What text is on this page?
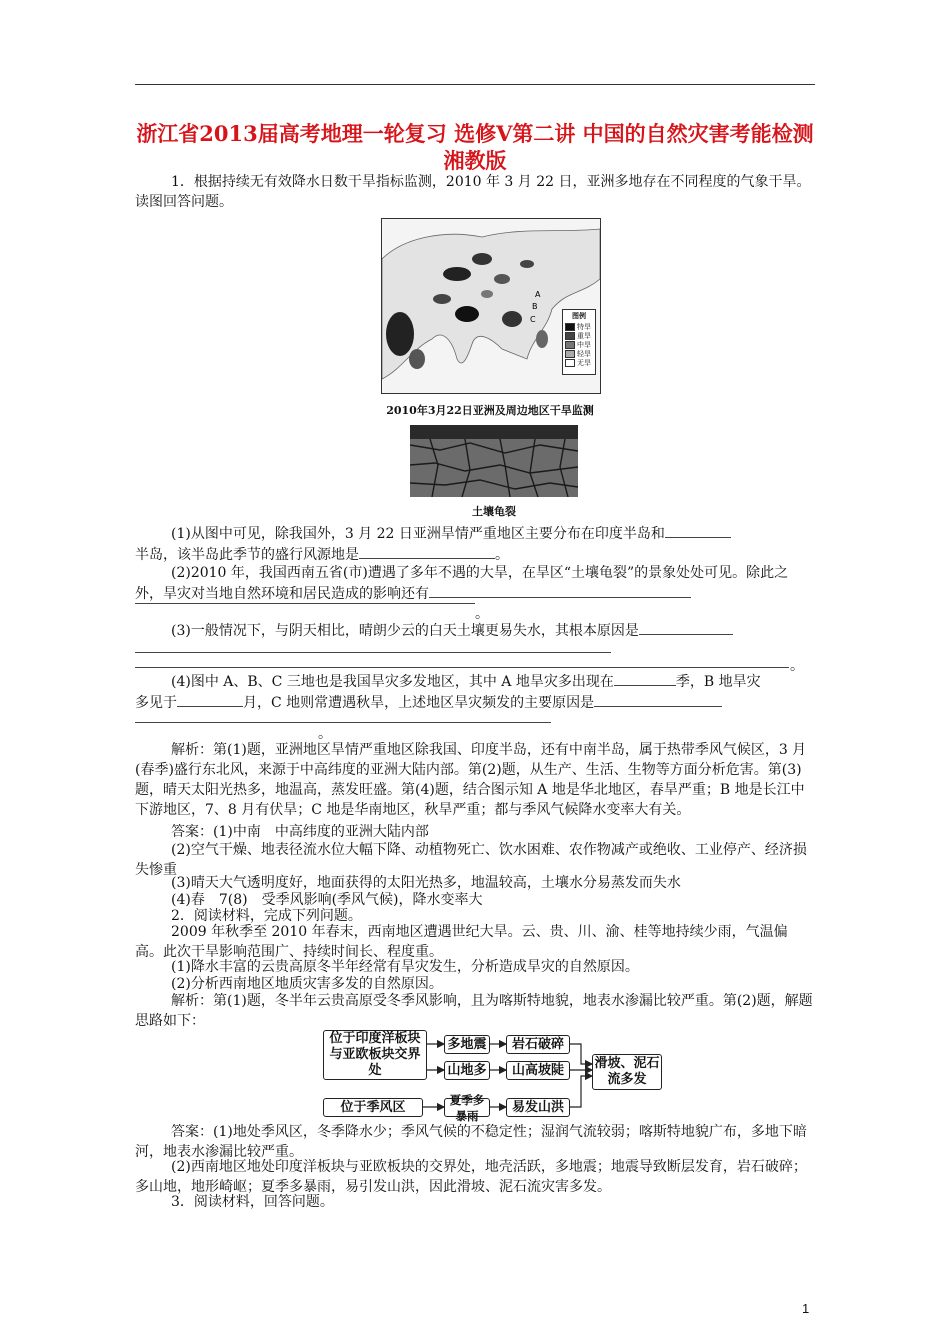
浙江省2013届高考地理一轮复习 选修Ⅴ第二讲 中国的自然灾害考能检测 湘教版

1．根据持续无有效降水日数干旱指标监测，2010 年 3 月 22 日，亚洲多地存在不同程度的气象干旱。读图回答问题。

A
B
C	图例
特旱
重旱
中旱
轻旱
无旱
2010年3月22日亚洲及周边地区干旱监测
土壤龟裂

(1)从图中可见，除我国外，3 月 22 日亚洲旱情严重地区主要分布在印度半岛和
半岛，该半岛此季节的盛行风源地是	。

(2)2010 年，我国西南五省(市)遭遇了多年不遇的大旱，在旱区“土壤龟裂”的景象处处可见。除此之外，旱灾对当地自然环境和居民造成的影响还有

。

(3)一般情况下，与阴天相比，晴朗少云的白天土壤更易失水，其根本原因是

。

(4)图中 A、B、C 三地也是我国旱灾多发地区，其中 A 地旱灾多出现在	季，B 地旱灾
多见于	月，C 地则常遭遇秋旱，上述地区旱灾频发的主要原因是

。

解析：第(1)题，亚洲地区旱情严重地区除我国、印度半岛，还有中南半岛，属于热带季风气候区，3 月(春季)盛行东北风，来源于中高纬度的亚洲大陆内部。第(2)题，从生产、生活、生物等方面分析危害。第(3)题，晴天太阳光热多，地温高，蒸发旺盛。第(4)题，结合图示知 A 地是华北地区，春旱严重；B 地是长江中下游地区，7、8 月有伏旱；C 地是华南地区，秋旱严重；都与季风气候降水变率大有关。

答案：(1)中南　中高纬度的亚洲大陆内部

(2)空气干燥、地表径流水位大幅下降、动植物死亡、饮水困难、农作物减产或绝收、工业停产、经济损失惨重

(3)晴天大气透明度好，地面获得的太阳光热多，地温较高，土壤水分易蒸发而失水

(4)春　7(8)　受季风影响(季风气候)，降水变率大

2．阅读材料，完成下列问题。

2009 年秋季至 2010 年春末，西南地区遭遇世纪大旱。云、贵、川、渝、桂等地持续少雨，气温偏高。此次干旱影响范围广、持续时间长、程度重。

(1)降水丰富的云贵高原冬半年经常有旱灾发生，分析造成旱灾的自然原因。

(2)分析西南地区地质灾害多发的自然原因。

解析：第(1)题，冬半年云贵高原受冬季风影响，且为喀斯特地貌，地表水渗漏比较严重。第(2)题，解题思路如下：

位于印度洋板块与亚欧板块交界处
多地震	岩石破碎
山地多	山高坡陡	滑坡、泥石流多发
位于季风区	夏季多暴雨
易发山洪

答案：(1)地处季风区，冬季降水少；季风气候的不稳定性；湿润气流较弱；喀斯特地貌广布，多地下暗河，地表水渗漏比较严重。

(2)西南地区地处印度洋板块与亚欧板块的交界处，地壳活跃，多地震；地震导致断层发育，岩石破碎；多山地，地形崎岖；夏季多暴雨，易引发山洪，因此滑坡、泥石流灾害多发。

3．阅读材料，回答问题。

1
